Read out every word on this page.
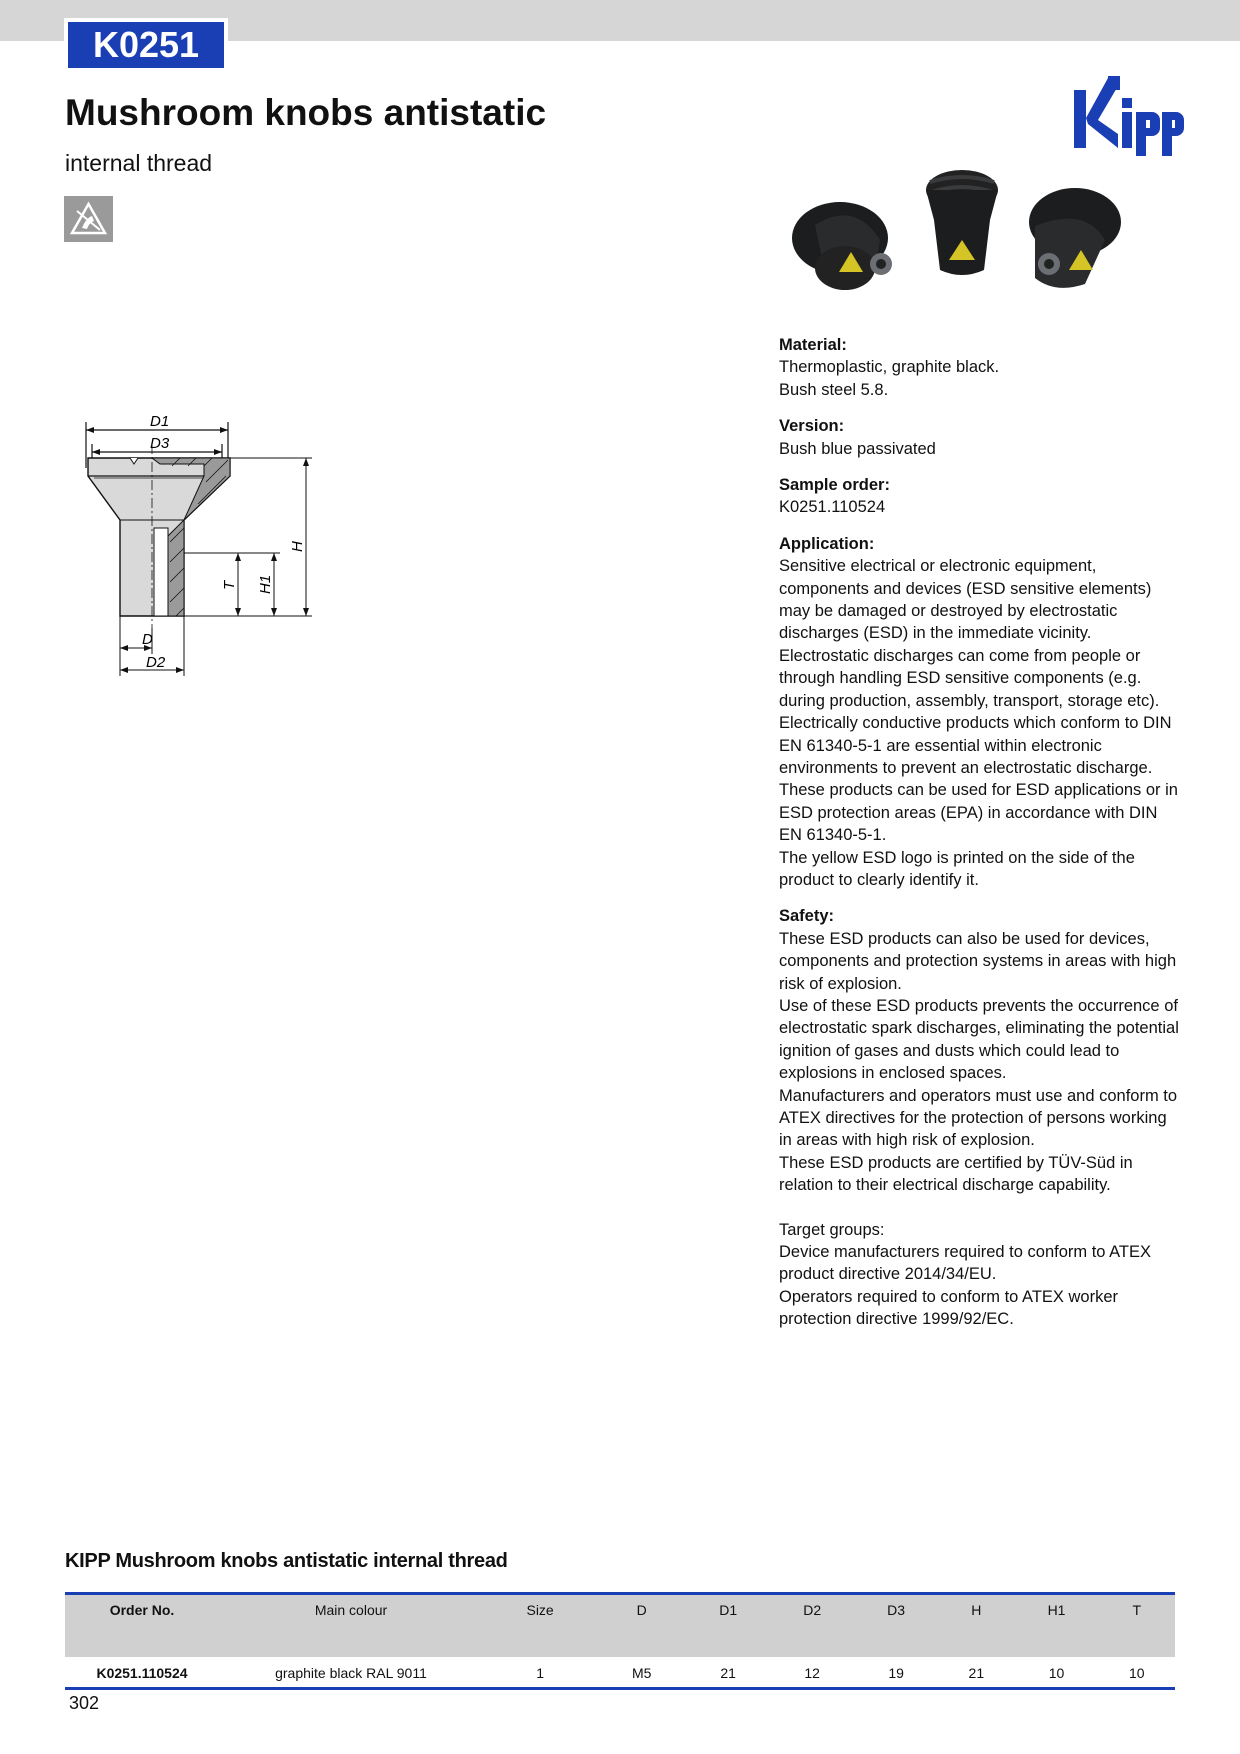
K0251
Mushroom knobs antistatic
internal thread
D1
D3
H
H1
T
D
D2
Material:

Thermoplastic, graphite black.

Bush steel 5.8.

Version:

Bush blue passivated

Sample order:

K0251.110524

Application:

Sensitive electrical or electronic equipment, components and devices (ESD sensitive elements) may be damaged or destroyed by electrostatic discharges (ESD) in the immediate vicinity.

Electrostatic discharges can come from people or through handling ESD sensitive components (e.g. during production, assembly, transport, storage etc).

Electrically conductive products which conform to DIN EN 61340-5-1 are essential within electronic environments to prevent an electrostatic discharge.

These products can be used for ESD applications or in ESD protection areas (EPA) in accordance with DIN EN 61340-5-1.

The yellow ESD logo is printed on the side of the product to clearly identify it.

Safety:

These ESD products can also be used for devices, components and protection systems in areas with high risk of explosion.

Use of these ESD products prevents the occurrence of electrostatic spark discharges, eliminating the potential ignition of gases and dusts which could lead to explosions in enclosed spaces.

Manufacturers and operators must use and conform to ATEX directives for the protection of persons working in areas with high risk of explosion.

These ESD products are certified by TÜV-Süd in relation to their electrical discharge capability.

Target groups:

Device manufacturers required to conform to ATEX product directive 2014/34/EU.

Operators required to conform to ATEX worker protection directive 1999/92/EC.

KIPP Mushroom knobs antistatic internal thread
Order No.	Main colour	Size	D	D1	D2	D3	H	H1	T
K0251.110524	graphite black RAL 9011	1	M5	21	12	19	21	10	10
302
